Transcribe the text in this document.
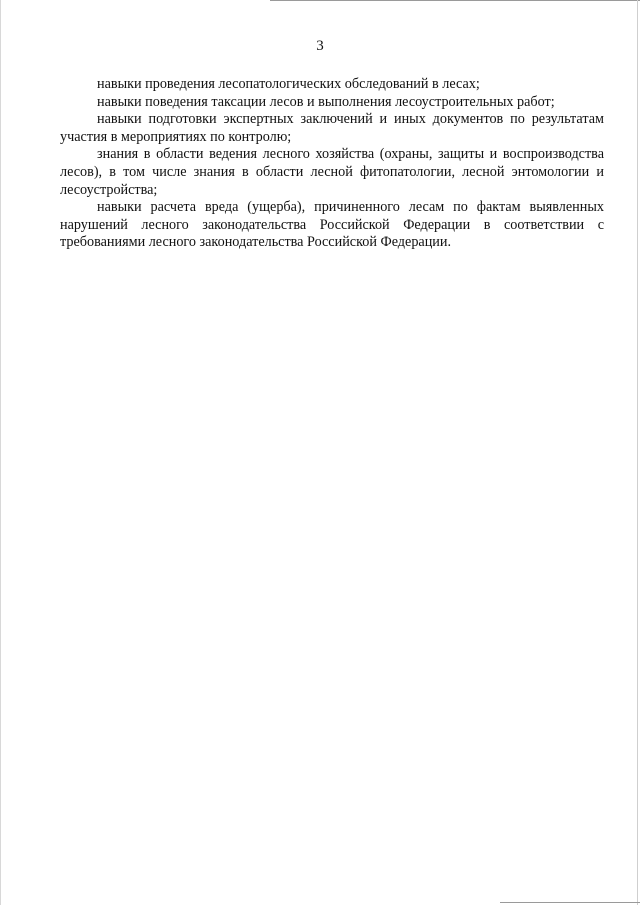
3

навыки проведения лесопатологических обследований в лесах;

навыки поведения таксации лесов и выполнения лесоустроительных работ;

навыки подготовки экспертных заключений и иных документов по результатам участия в мероприятиях по контролю;

знания в области ведения лесного хозяйства (охраны, защиты и воспроизводства лесов), в том числе знания в области лесной фитопатологии, лесной энтомологии и лесоустройства;

навыки расчета вреда (ущерба), причиненного лесам по фактам выявленных нарушений лесного законодательства Российской Федерации в соответствии с требованиями лесного законодательства Российской Федерации.
